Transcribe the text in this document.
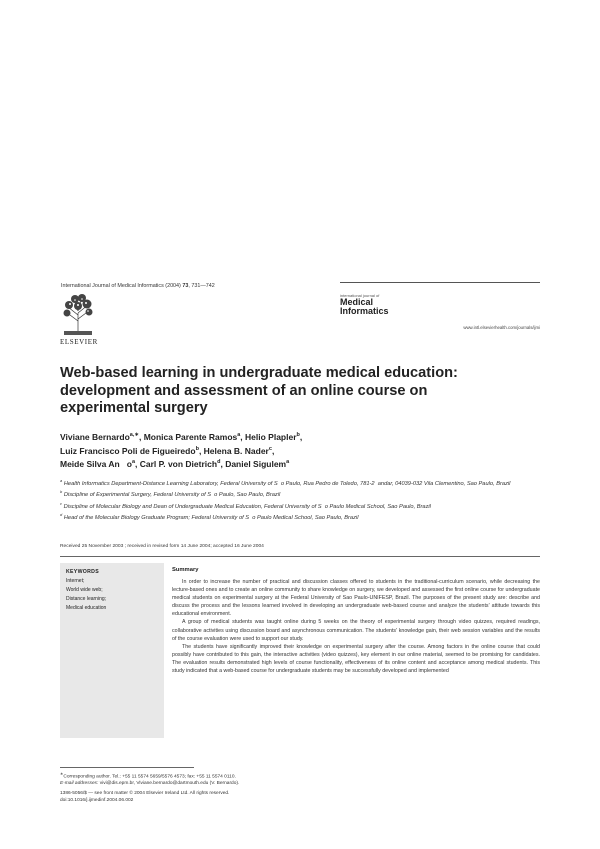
International Journal of Medical Informatics (2004) 73, 731—742
ELSEVIER
international journal of
Medical
Informatics
www.intl.elsevierhealth.com/journals/ijmi
Web-based learning in undergraduate medical education: development and assessment of an online course on experimental surgery
Viviane Bernardo$^{a,∗}$, Monica Parente Ramos$^a$, Helio Plapler$^b$,
Luiz Francisco Poli de Figueiredo$^b$, Helena B. Nader$^c$,
Meide Silva An   $o^a$, Carl P. von Dietrich$^d$, Daniel Sigulem$^a$
$^a$ Health Informatics Department-Distance Learning Laboratory, Federal University of S  o Paulo, Rua Pedro de Toledo, 781-2  andar, 04039-032 Vila Clementino, Sao Paulo, Brazil
$^b$ Discipline of Experimental Surgery, Federal University of S  o Paulo, Sao Paulo, Brazil
$^c$ Discipline of Molecular Biology and Dean of Undergraduate Medical Education, Federal University of S  o Paulo Medical School, Sao Paulo, Brazil
$^d$ Head of the Molecular Biology Graduate Program; Federal University of S  o Paulo Medical School, Sao Paulo, Brazil
Received 25 November 2003 ; received in revised form 14 June 2004; accepted 16 June 2004
KEYWORDS
Internet;
World wide web;
Distance learning;
Medical education
Summary

In order to increase the number of practical and discussion classes offered to students in the traditional-curriculum scenario, while decreasing the lecture-based ones and to create an online community to share knowledge on surgery, we developed and assessed the first online course for undergraduate medical students on experimental surgery at the Federal University of Sao Paulo-UNIFESP, Brazil. The purposes of the present study are: describe and discuss the process and the lessons learned involved in developing an undergraduate web-based course and analyze the students' attitude towards this educational environment.

A group of medical students was taught online during 5 weeks on the theory of experimental surgery through video quizzes, required readings, collaborative activities using discussion board and asynchronous communication. The students' knowledge gain, their web session variables and the results of the course evaluation were used to support our study.

The students have significantly improved their knowledge on experimental surgery after the course. Among factors in the online course that could possibly have contributed to this gain, the interactive activities (video quizzes), key element in our online material, seemed to be promising for candidates. The evaluation results demonstrated high levels of course functionality, effectiveness of its online content and acceptance among medical students. This study indicated that a web-based course for undergraduate students may be successfully developed and implemented

∗Corresponding author. Tel.: +55 11 5574 5659/5576 4573; fax: +55 11 5574 0110.
E-mail addresses: vivi@dis.epm.br, Viviane.bernardo@dartmouth.edu (V. Bernardo).
1386-5056/$ — see front matter © 2004 Elsevier Ireland Ltd. All rights reserved.
doi:10.1016/j.ijmedinf.2004.06.002
